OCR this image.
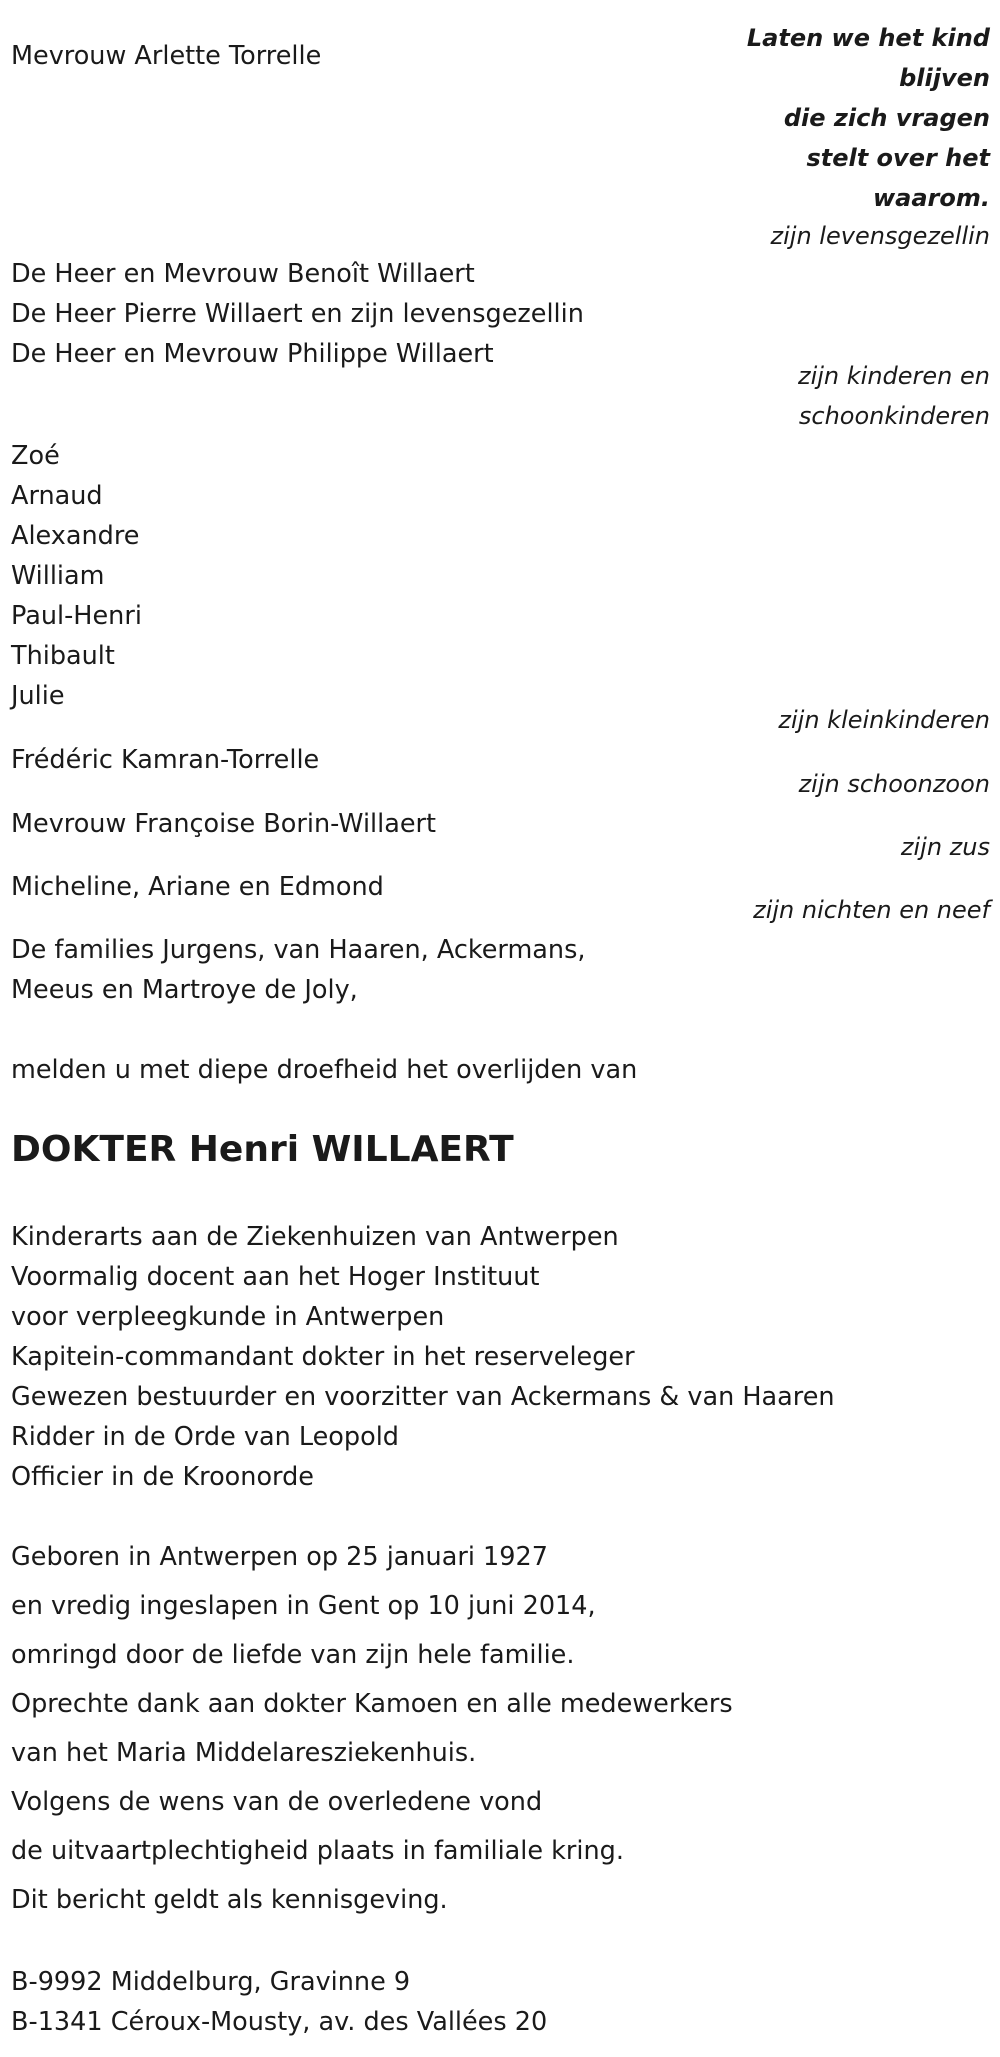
Laten we het kind
blijven
die zich vragen
stelt over het
waarom.
Mevrouw Arlette Torrelle
zijn levensgezellin
De Heer en Mevrouw Benoît Willaert
De Heer Pierre Willaert en zijn levensgezellin
De Heer en Mevrouw Philippe Willaert
zijn kinderen en
schoonkinderen
Zoé
Arnaud
Alexandre
William
Paul-Henri
Thibault
Julie
zijn kleinkinderen
Frédéric Kamran-Torrelle
zijn schoonzoon
Mevrouw Françoise Borin-Willaert
zijn zus
Micheline, Ariane en Edmond
zijn nichten en neef
De families Jurgens, van Haaren, Ackermans,
Meeus en Martroye de Joly,
melden u met diepe droefheid het overlijden van
DOKTER Henri WILLAERT
Kinderarts aan de Ziekenhuizen van Antwerpen
Voormalig docent aan het Hoger Instituut
voor verpleegkunde in Antwerpen
Kapitein-commandant dokter in het reserveleger
Gewezen bestuurder en voorzitter van Ackermans & van Haaren
Ridder in de Orde van Leopold
Officier in de Kroonorde
Geboren in Antwerpen op 25 januari 1927
en vredig ingeslapen in Gent op 10 juni 2014,
omringd door de liefde van zijn hele familie.
Oprechte dank aan dokter Kamoen en alle medewerkers
van het Maria Middelaresziekenhuis.
Volgens de wens van de overledene vond
de uitvaartplechtigheid plaats in familiale kring.
Dit bericht geldt als kennisgeving.
B-9992 Middelburg, Gravinne 9
B-1341 Céroux-Mousty, av. des Vallées 20
